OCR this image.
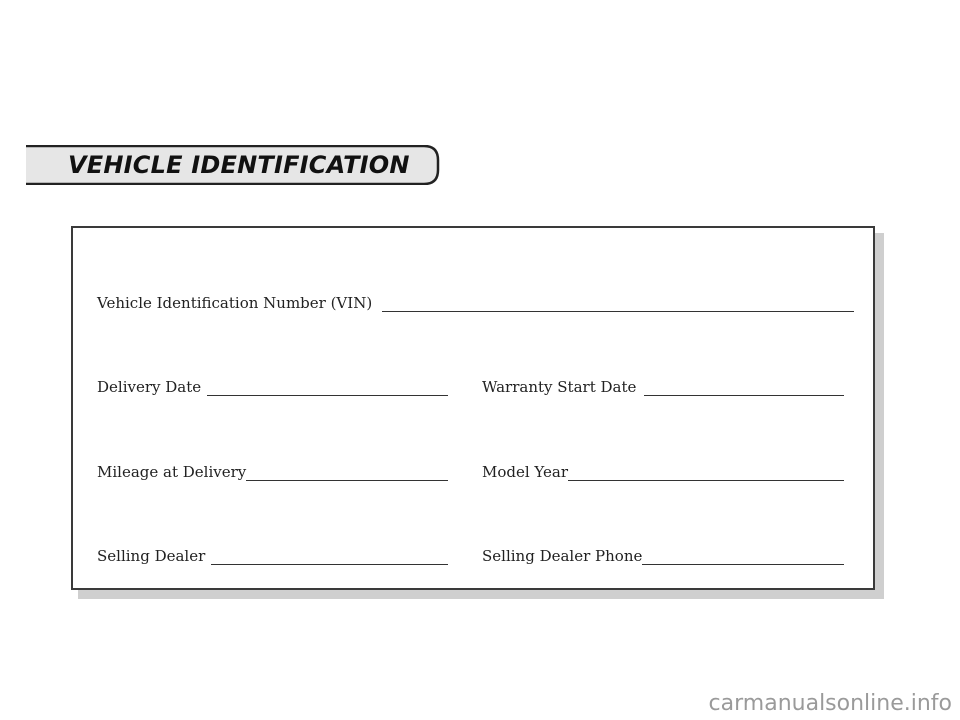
VEHICLE IDENTIFICATION
Vehicle Identification Number (VIN)
Delivery Date	Warranty Start Date
Mileage at Delivery	Model Year
Selling Dealer	Selling Dealer Phone
carmanualsonline.info
